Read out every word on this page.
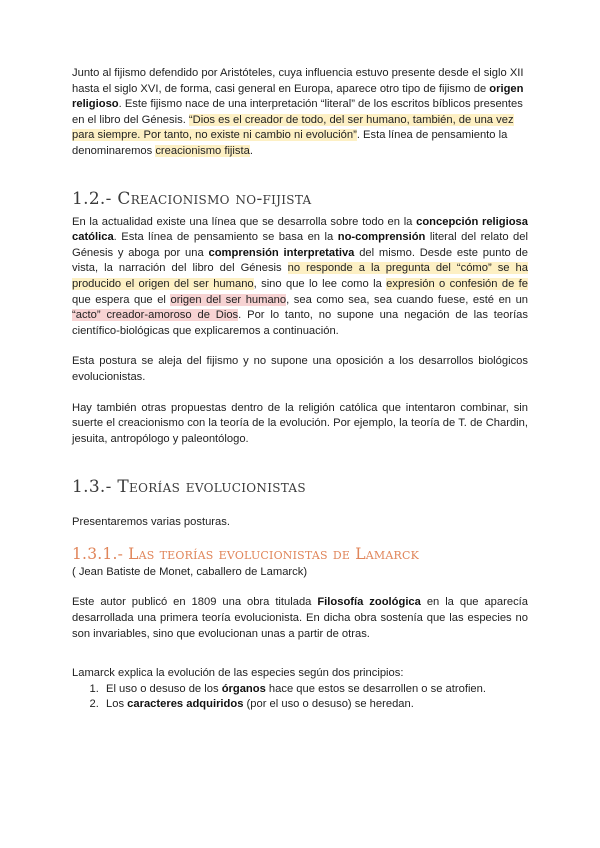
Junto al fijismo defendido por Aristóteles, cuya influencia estuvo presente desde el siglo XII hasta el siglo XVI, de forma, casi general en Europa, aparece otro tipo de fijismo de origen religioso. Este fijismo nace de una interpretación “literal” de los escritos bíblicos presentes en el libro del Génesis. “Dios es el creador de todo, del ser humano, también, de una vez para siempre. Por tanto, no existe ni cambio ni evolución”. Esta línea de pensamiento la denominaremos creacionismo fijista.

1.2.- Creacionismo no-fijista

En la actualidad existe una línea que se desarrolla sobre todo en la concepción religiosa católica. Esta línea de pensamiento se basa en la no-comprensión literal del relato del Génesis y aboga por una comprensión interpretativa del mismo. Desde este punto de vista, la narración del libro del Génesis no responde a la pregunta del “cómo” se ha producido el origen del ser humano, sino que lo lee como la expresión o confesión de fe que espera que el origen del ser humano, sea como sea, sea cuando fuese, esté en un “acto” creador-amoroso de Dios. Por lo tanto, no supone una negación de las teorías científico-biológicas que explicaremos a continuación.

Esta postura se aleja del fijismo y no supone una oposición a los desarrollos biológicos evolucionistas.

Hay también otras propuestas dentro de la religión católica que intentaron combinar, sin suerte el creacionismo con la teoría de la evolución. Por ejemplo, la teoría de T. de Chardin, jesuita, antropólogo y paleontólogo.

1.3.- Teorías evolucionistas

Presentaremos varias posturas.

1.3.1.- Las teorías evolucionistas de Lamarck

( Jean Batiste de Monet, caballero de Lamarck)

Este autor publicó en 1809 una obra titulada Filosofía zoológica en la que aparecía desarrollada una primera teoría evolucionista. En dicha obra sostenía que las especies no son invariables, sino que evolucionan unas a partir de otras.

Lamarck explica la evolución de las especies según dos principios:

1. El uso o desuso de los órganos hace que estos se desarrollen o se atrofien.
2. Los caracteres adquiridos (por el uso o desuso) se heredan.
